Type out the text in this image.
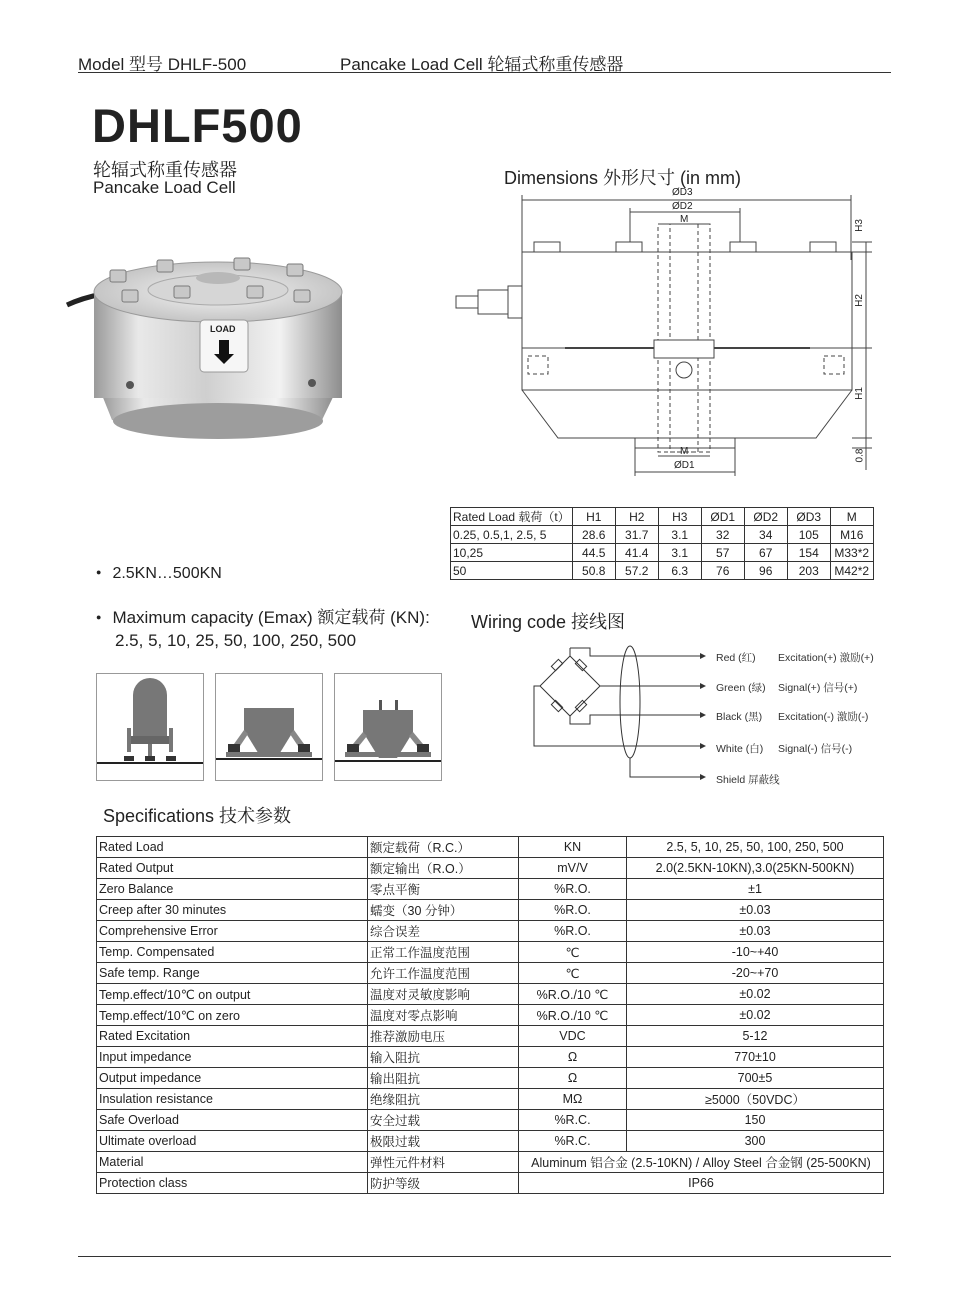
Model 型号 DHLF-500	Pancake Load Cell 轮辐式称重传感器
DHLF500
轮辐式称重传感器
Pancake Load Cell
LOAD
Dimensions 外形尺寸 (in mm)
ØD3
ØD2
M
M
ØD1
H3
H2
H1
0.8
Rated Load 载荷（t）	H1	H2	H3	ØD1	ØD2	ØD3	M
0.25, 0.5,1, 2.5, 5	28.6	31.7	3.1	32	34	105	M16
10,25	44.5	41.4	3.1	57	67	154	M33*2
50	50.8	57.2	6.3	76	96	203	M42*2
● 2.5KN…500KN
● Maximum capacity (Emax) 额定载荷 (KN):
2.5, 5, 10, 25, 50, 100, 250, 500
Wiring code 接线图
Red (红) Excitation(+) 激励(+)
Green (绿) Signal(+) 信号(+)
Black (黑) Excitation(-) 激励(-)
White (白) Signal(-) 信号(-)
Shield 屏蔽线
Specifications 技术参数
Rated Load	额定载荷（R.C.）	KN	2.5, 5, 10, 25, 50, 100, 250, 500
Rated Output	额定输出（R.O.）	mV/V	2.0(2.5KN-10KN),3.0(25KN-500KN)
Zero Balance	零点平衡	%R.O.	±1
Creep after 30 minutes	蠕变（30 分钟）	%R.O.	±0.03
Comprehensive Error	综合误差	%R.O.	±0.03
Temp. Compensated	正常工作温度范围	℃	-10~+40
Safe temp. Range	允许工作温度范围	℃	-20~+70
Temp.effect/10℃ on output	温度对灵敏度影响	%R.O./10 ℃	±0.02
Temp.effect/10℃ on zero	温度对零点影响	%R.O./10 ℃	±0.02
Rated Excitation	推荐激励电压	VDC	5-12
Input impedance	输入阻抗	Ω	770±10
Output impedance	输出阻抗	Ω	700±5
Insulation resistance	绝缘阻抗	MΩ	≥5000（50VDC）
Safe Overload	安全过载	%R.C.	150
Ultimate overload	极限过载	%R.C.	300
Material	弹性元件材料	Aluminum 铝合金 (2.5-10KN) / Alloy Steel 合金钢 (25-500KN)	
Protection class	防护等级	IP66	
